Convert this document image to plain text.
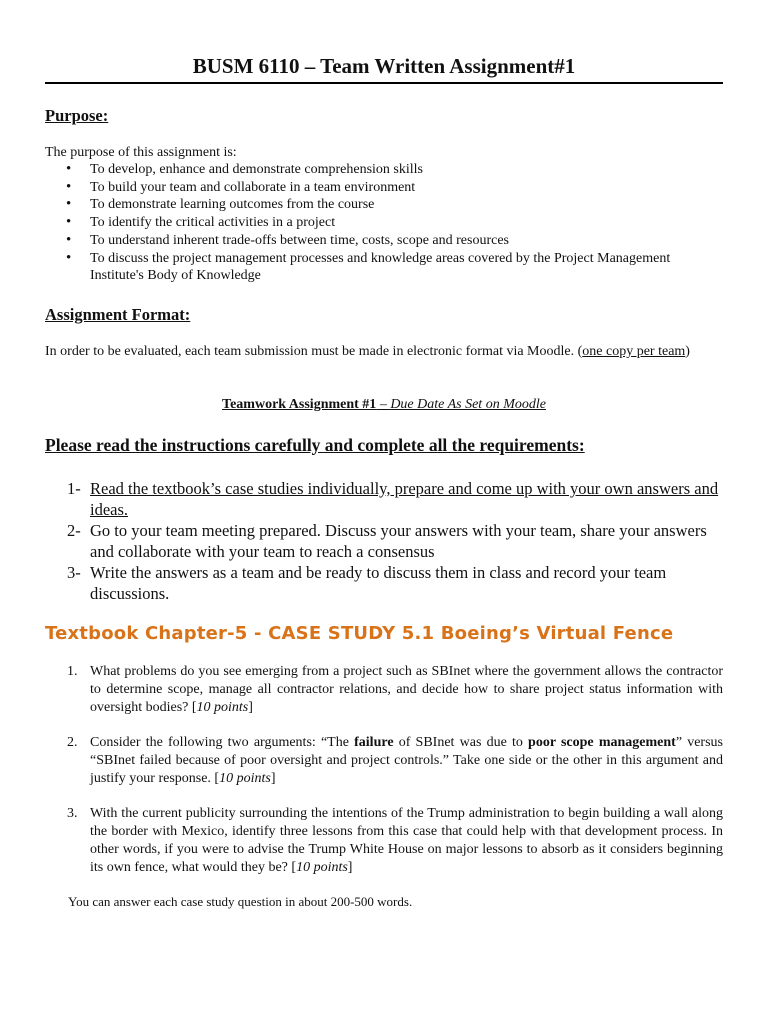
BUSM 6110 – Team Written Assignment#1
Purpose:
The purpose of this assignment is:
• To develop, enhance and demonstrate comprehension skills
• To build your team and collaborate in a team environment
• To demonstrate learning outcomes from the course
• To identify the critical activities in a project
• To understand inherent trade-offs between time, costs, scope and resources
• To discuss the project management processes and knowledge areas covered by the Project Management Institute's Body of Knowledge
Assignment Format:
In order to be evaluated, each team submission must be made in electronic format via Moodle. (one copy per team)
Teamwork Assignment #1 – Due Date As Set on Moodle
Please read the instructions carefully and complete all the requirements:
1- Read the textbook’s case studies individually, prepare and come up with your own answers and ideas.
2- Go to your team meeting prepared. Discuss your answers with your team, share your answers and collaborate with your team to reach a consensus
3- Write the answers as a team and be ready to discuss them in class and record your team discussions.
Textbook Chapter-5 - CASE STUDY 5.1 Boeing’s Virtual Fence
1. What problems do you see emerging from a project such as SBInet where the government allows the contractor to determine scope, manage all contractor relations, and decide how to share project status information with oversight bodies? [10 points]
2. Consider the following two arguments: “The failure of SBInet was due to poor scope management” versus “SBInet failed because of poor oversight and project controls.” Take one side or the other in this argument and justify your response. [10 points]
3. With the current publicity surrounding the intentions of the Trump administration to begin building a wall along the border with Mexico, identify three lessons from this case that could help with that development process. In other words, if you were to advise the Trump White House on major lessons to absorb as it considers beginning its own fence, what would they be? [10 points]
You can answer each case study question in about 200-500 words.
